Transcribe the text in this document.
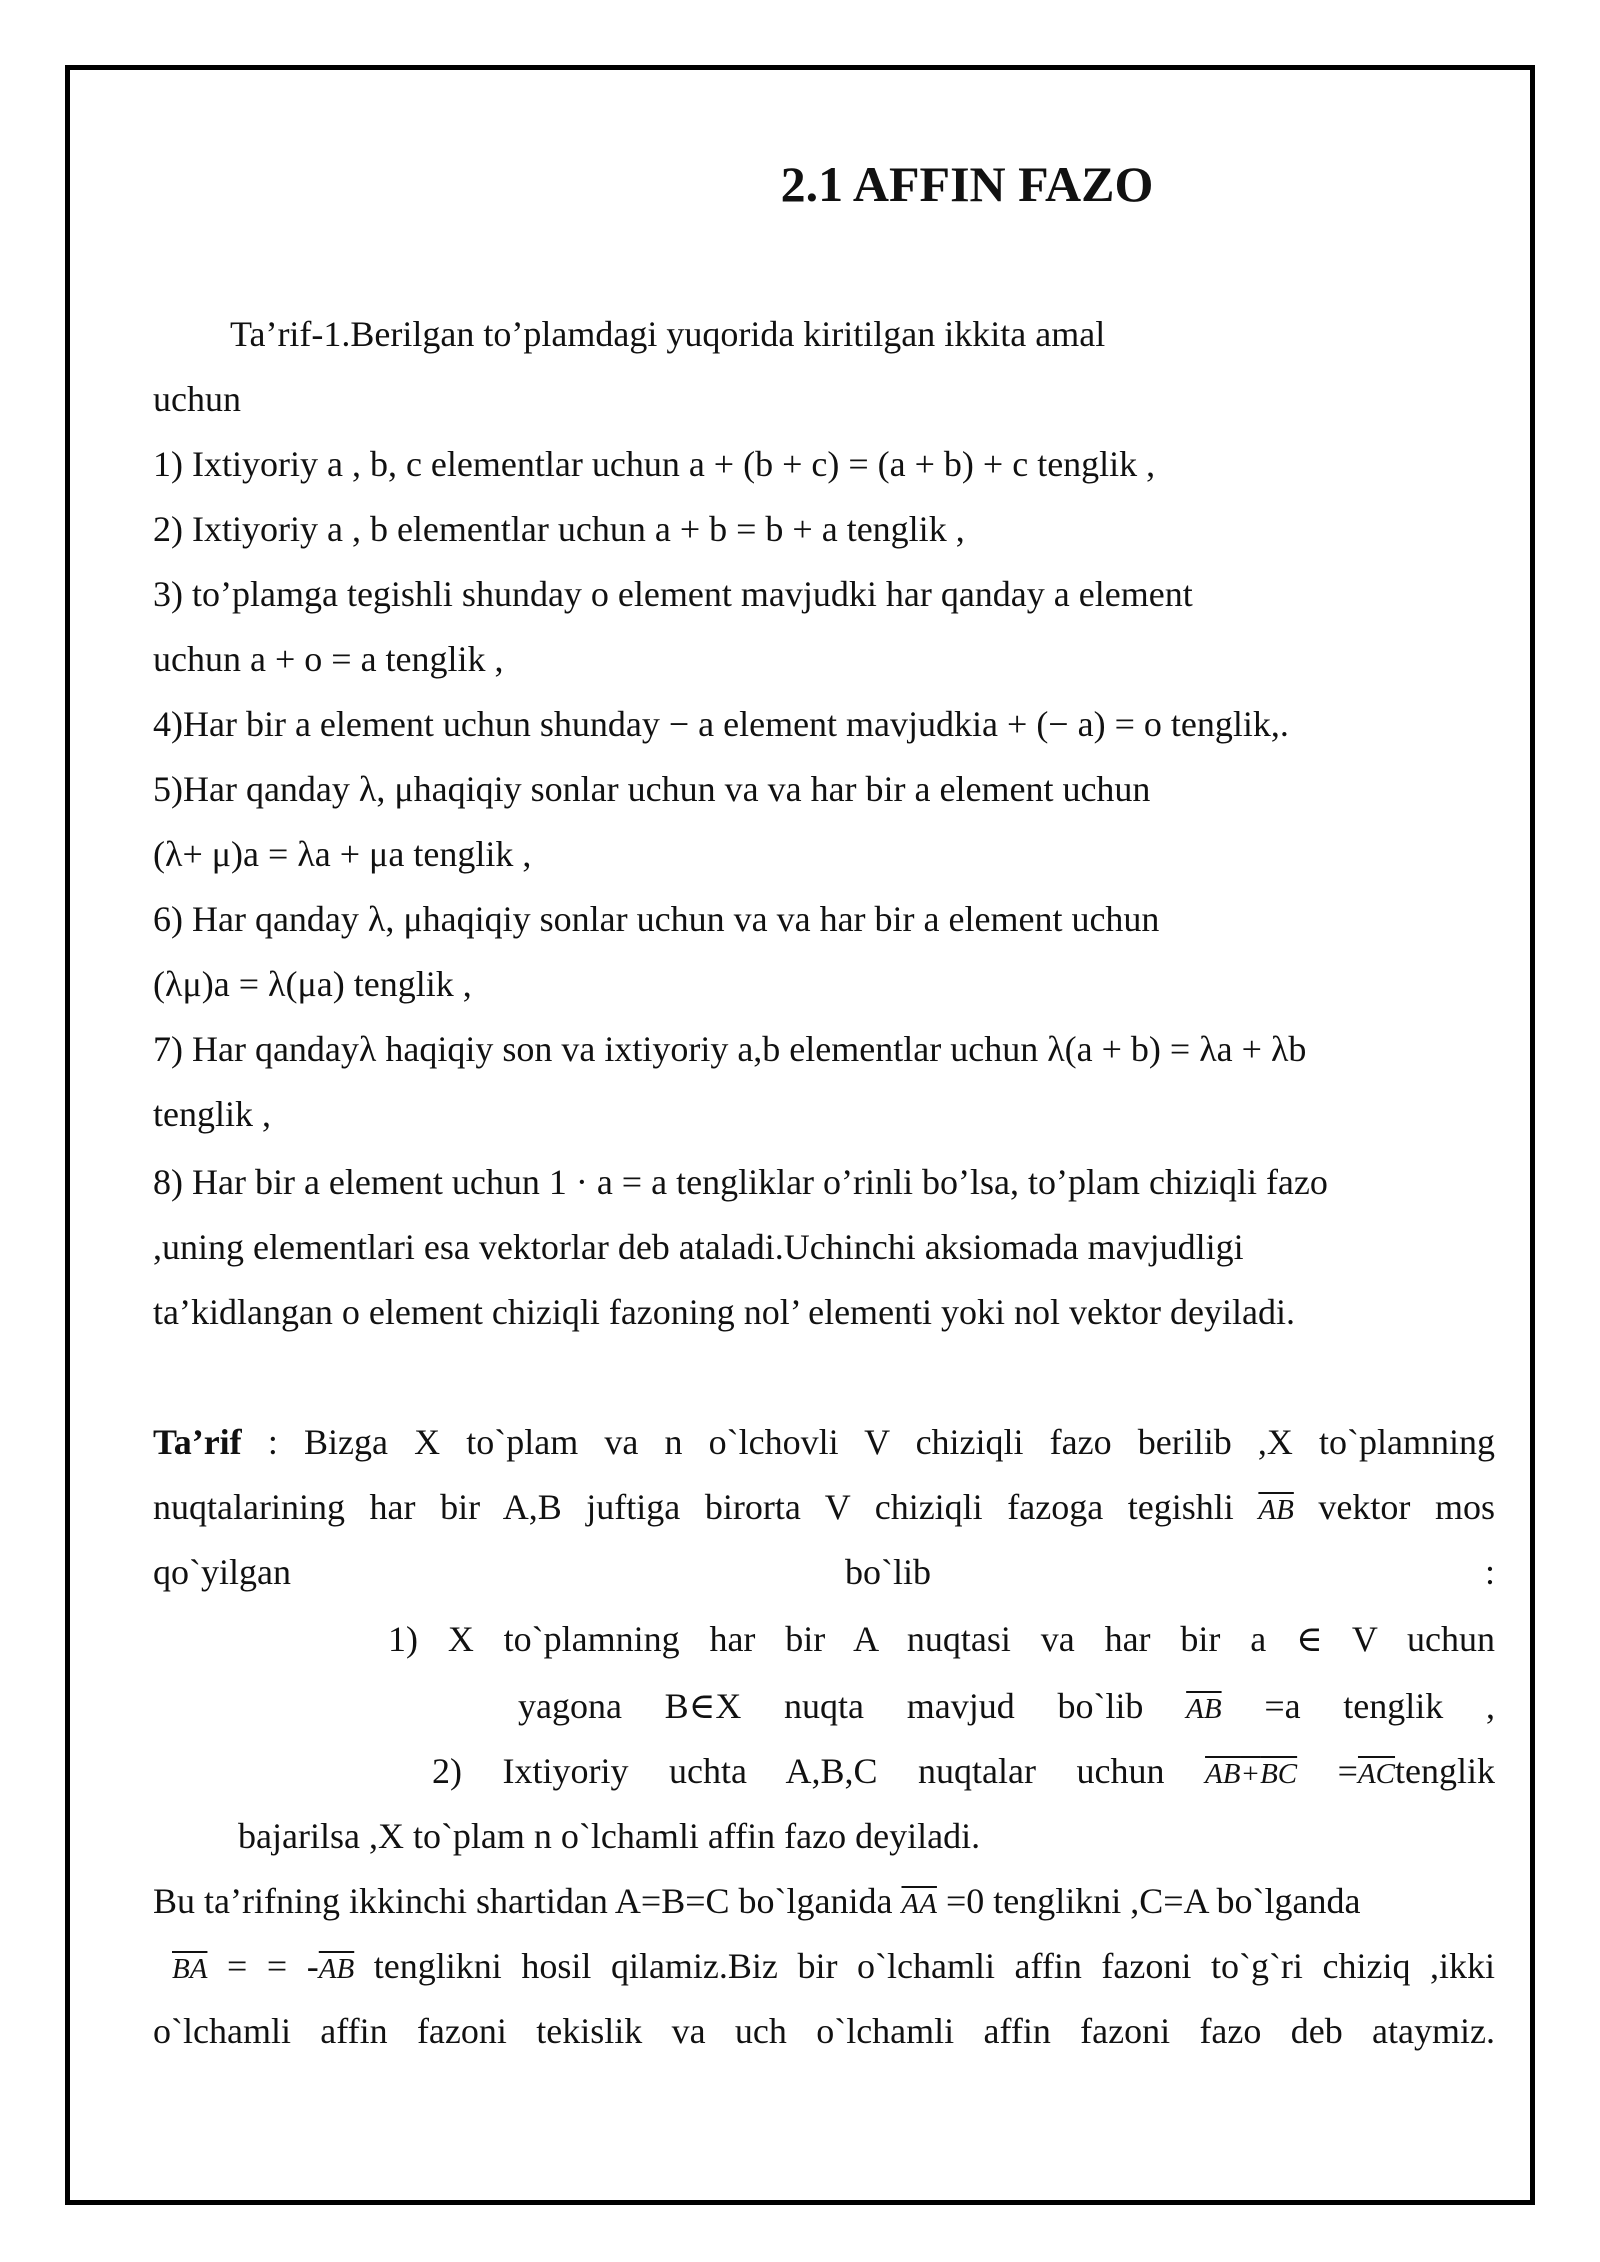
2.1 AFFIN FAZO
Ta’rif-1.Berilgan to’plamdagi yuqorida kiritilgan ikkita amal
uchun
1) Ixtiyoriy a , b, c elementlar uchun a + (b + c) = (a + b) + c tenglik ,
2) Ixtiyoriy a , b elementlar uchun a + b = b + a tenglik ,
3) to’plamga tegishli shunday o element mavjudki har qanday a element
uchun a + o = a tenglik ,
4)Har bir a element uchun shunday − a element mavjudkia + (− a) = o tenglik,.
5)Har qanday λ, μhaqiqiy sonlar uchun va va har bir a element uchun
(λ+ μ)a = λa + μa tenglik ,
6) Har qanday λ, μhaqiqiy sonlar uchun va va har bir a element uchun
(λμ)a = λ(μa) tenglik ,
7) Har qandayλ haqiqiy son va ixtiyoriy a,b elementlar uchun λ(a + b) = λa + λb
tenglik ,
8) Har bir a element uchun 1 · a = a tengliklar o’rinli bo’lsa, to’plam chiziqli fazo
,uning elementlari esa vektorlar deb ataladi.Uchinchi aksiomada mavjudligi
ta’kidlangan o element chiziqli fazoning nol’ elementi yoki nol vektor deyiladi.
Ta’rif : Bizga X to`plam va n o`lchovli V chiziqli fazo berilib ,X to`plamning
nuqtalarining har bir A,B juftiga birorta V chiziqli fazoga tegishli $\overline{AB}$ vektor mos
qo`yilgan	bo`lib	:
1) X to`plamning har bir A nuqtasi va har bir a ∈ V uchun
yagona B∈X nuqta mavjud bo`lib $\overline{AB} =a$ tenglik ,
2) Ixtiyoriy uchta A,B,C nuqtalar uchun $\overline{AB}+\overline{BC}$ $=\overline{AC}tenglik$
bajarilsa ,X to`plam n o`lchamli affin fazo deyiladi.
Bu ta’rifning ikkinchi shartidan A=B=C bo`lganida $\overline{AA} =0$ tenglikni ,C=A bo`lganda
$\overline{BA}$ = = $-\overline{AB}$ tenglikni hosil qilamiz.Biz bir o`lchamli affin fazoni to`g`ri chiziq ,ikki
o`lchamli affin fazoni tekislik va uch o`lchamli affin fazoni fazo deb ataymiz.
